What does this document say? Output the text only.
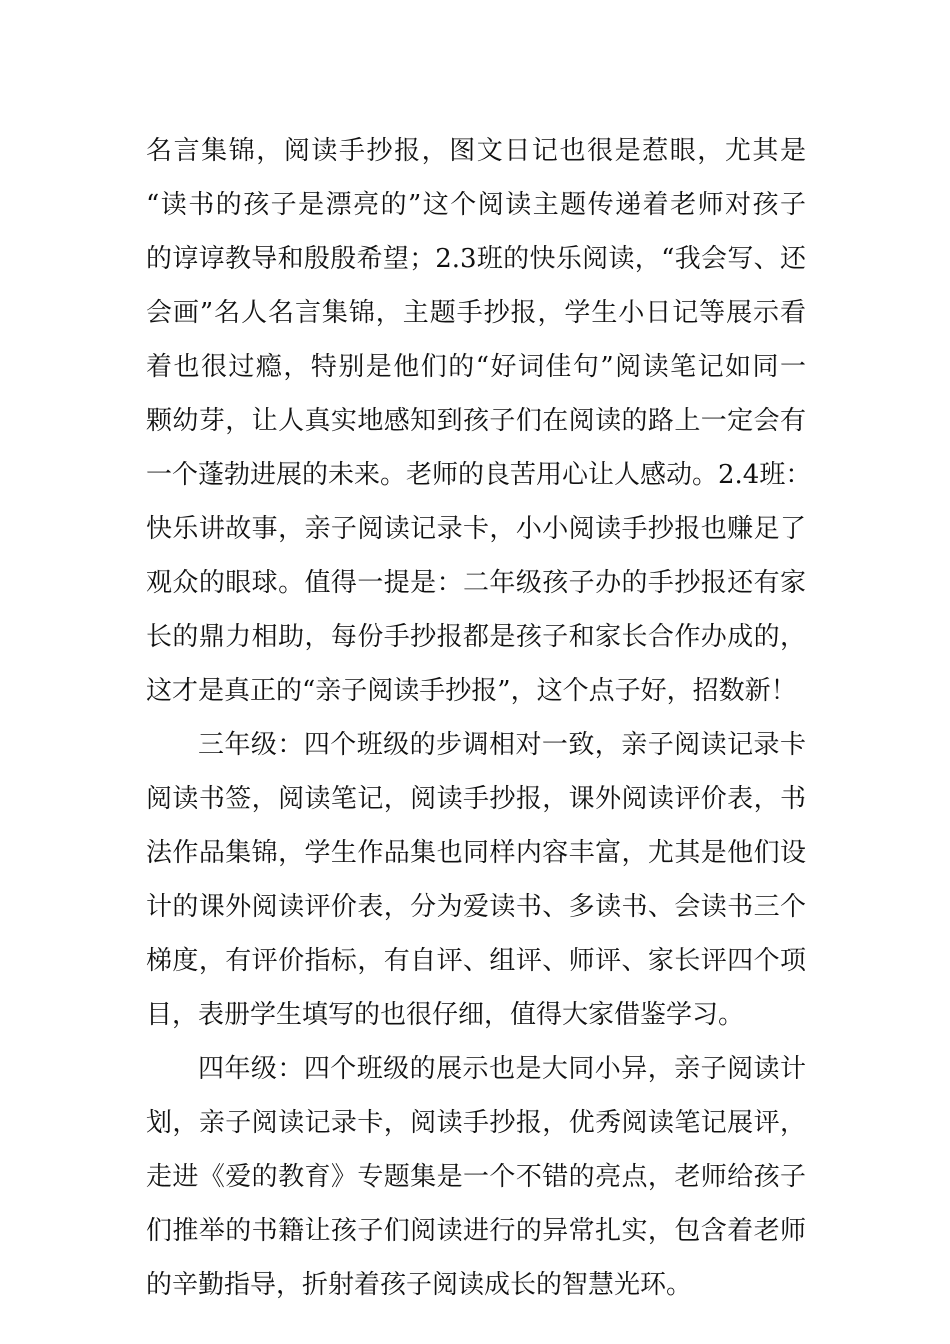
名言集锦，阅读手抄报，图文日记也很是惹眼，尤其是
“读书的孩子是漂亮的”这个阅读主题传递着老师对孩子
的谆谆教导和殷殷希望；2.3班的快乐阅读，“我会写、还
会画”名人名言集锦，主题手抄报，学生小日记等展示看
着也很过瘾，特别是他们的“好词佳句”阅读笔记如同一
颗幼芽，让人真实地感知到孩子们在阅读的路上一定会有
一个蓬勃进展的未来。老师的良苦用心让人感动。2.4班：
快乐讲故事，亲子阅读记录卡，小小阅读手抄报也赚足了
观众的眼球。值得一提是：二年级孩子办的手抄报还有家
长的鼎力相助，每份手抄报都是孩子和家长合作办成的，
这才是真正的“亲子阅读手抄报”，这个点子好，招数新！
三年级：四个班级的步调相对一致，亲子阅读记录卡
阅读书签，阅读笔记，阅读手抄报，课外阅读评价表，书
法作品集锦，学生作品集也同样内容丰富，尤其是他们设
计的课外阅读评价表，分为爱读书、多读书、会读书三个
梯度，有评价指标，有自评、组评、师评、家长评四个项
目，表册学生填写的也很仔细，值得大家借鉴学习。
四年级：四个班级的展示也是大同小异，亲子阅读计
划，亲子阅读记录卡，阅读手抄报，优秀阅读笔记展评，
走进《爱的教育》专题集是一个不错的亮点，老师给孩子
们推举的书籍让孩子们阅读进行的异常扎实，包含着老师
的辛勤指导，折射着孩子阅读成长的智慧光环。
